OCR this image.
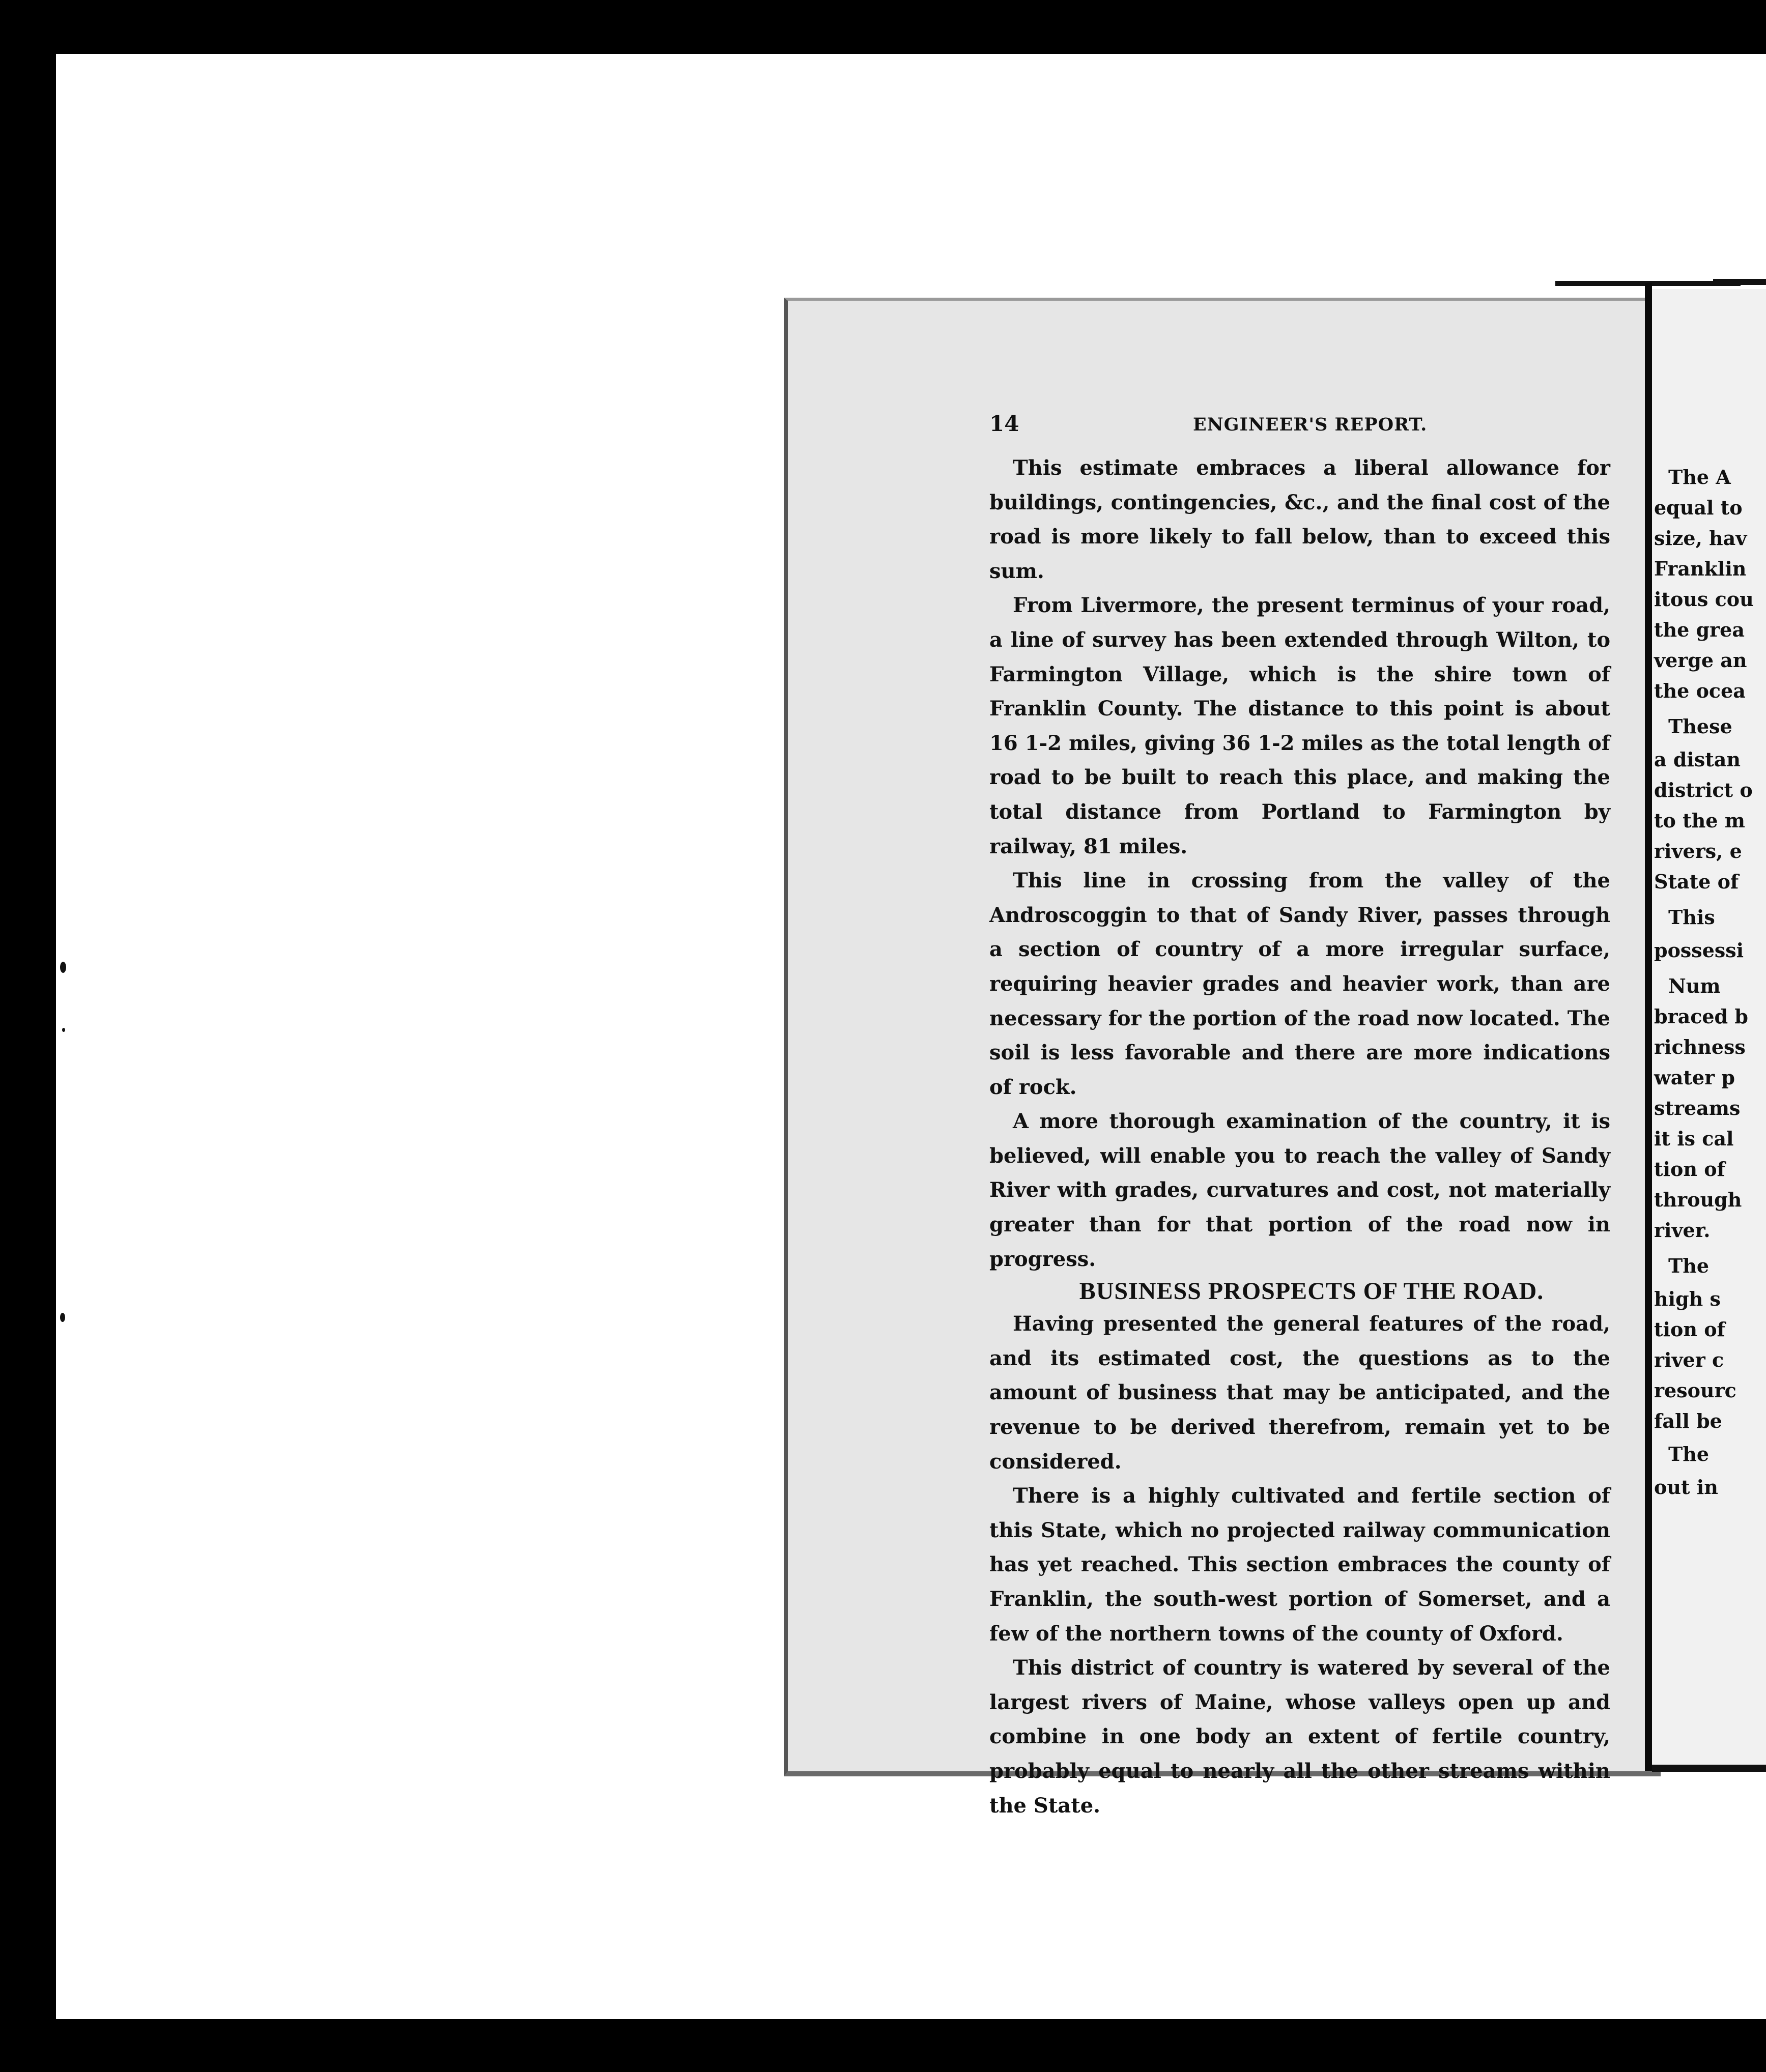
14	ENGINEER'S REPORT.

This estimate embraces a liberal allowance for buildings, contingencies, &c., and the final cost of the road is more likely to fall below, than to exceed this sum.

From Livermore, the present terminus of your road, a line of survey has been extended through Wilton, to Farmington Village, which is the shire town of Franklin County. The distance to this point is about 16 1-2 miles, giving 36 1-2 miles as the total length of road to be built to reach this place, and making the total distance from Portland to Farmington by railway, 81 miles.

This line in crossing from the valley of the Androscoggin to that of Sandy River, passes through a section of country of a more irregular surface, requiring heavier grades and heavier work, than are necessary for the portion of the road now located. The soil is less favorable and there are more indications of rock.

A more thorough examination of the country, it is believed, will enable you to reach the valley of Sandy River with grades, curvatures and cost, not materially greater than for that portion of the road now in progress.

BUSINESS PROSPECTS OF THE ROAD.

Having presented the general features of the road, and its estimated cost, the questions as to the amount of business that may be anticipated, and the revenue to be derived therefrom, remain yet to be considered.

There is a highly cultivated and fertile section of this State, which no projected railway communication has yet reached. This section embraces the county of Franklin, the south-west portion of Somerset, and a few of the northern towns of the county of Oxford.

This district of country is watered by several of the largest rivers of Maine, whose valleys open up and combine in one body an extent of fertile country, probably equal to nearly all the other streams within the State.

The A
equal to
size, hav
Franklin
itous cou
the grea
verge an
the ocea
These
a distan
district o
to the m
rivers, e
State of
This
possessi
Num
braced b
richness
water p
streams
it is cal
tion of
through
river.
The
high s
tion of
river c
resourc
fall be
The
out in
